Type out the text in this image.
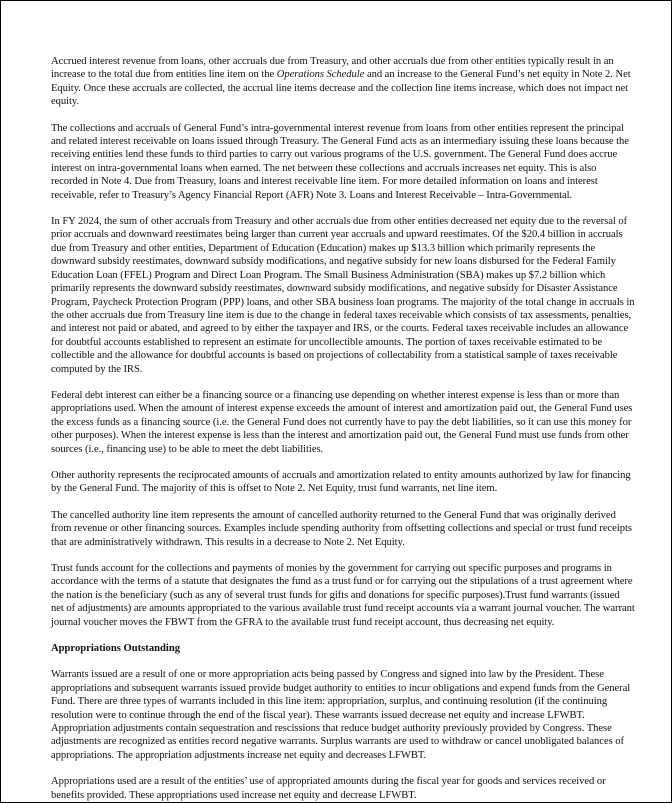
Accrued interest revenue from loans, other accruals due from Treasury, and other accruals due from other entities typically result in an increase to the total due from entities line item on the Operations Schedule and an increase to the General Fund’s net equity in Note 2. Net Equity. Once these accruals are collected, the accrual line items decrease and the collection line items increase, which does not impact net equity.

The collections and accruals of General Fund’s intra-governmental interest revenue from loans from other entities represent the principal and related interest receivable on loans issued through Treasury. The General Fund acts as an intermediary issuing these loans because the receiving entities lend these funds to third parties to carry out various programs of the U.S. government. The General Fund does accrue interest on intra-governmental loans when earned. The net between these collections and accruals increases net equity. This is also recorded in Note 4. Due from Treasury, loans and interest receivable line item. For more detailed information on loans and interest receivable, refer to Treasury’s Agency Financial Report (AFR) Note 3. Loans and Interest Receivable – Intra-Governmental.

In FY 2024, the sum of other accruals from Treasury and other accruals due from other entities decreased net equity due to the reversal of prior accruals and downward reestimates being larger than current year accruals and upward reestimates. Of the $20.4 billion in accruals due from Treasury and other entities, Department of Education (Education) makes up $13.3 billion which primarily represents the downward subsidy reestimates, downward subsidy modifications, and negative subsidy for new loans disbursed for the Federal Family Education Loan (FFEL) Program and Direct Loan Program. The Small Business Administration (SBA) makes up $7.2 billion which primarily represents the downward subsidy reestimates, downward subsidy modifications, and negative subsidy for Disaster Assistance Program, Paycheck Protection Program (PPP) loans, and other SBA business loan programs. The majority of the total change in accruals in the other accruals due from Treasury line item is due to the change in federal taxes receivable which consists of tax assessments, penalties, and interest not paid or abated, and agreed to by either the taxpayer and IRS, or the courts. Federal taxes receivable includes an allowance for doubtful accounts established to represent an estimate for uncollectible amounts. The portion of taxes receivable estimated to be collectible and the allowance for doubtful accounts is based on projections of collectability from a statistical sample of taxes receivable computed by the IRS.

Federal debt interest can either be a financing source or a financing use depending on whether interest expense is less than or more than appropriations used. When the amount of interest expense exceeds the amount of interest and amortization paid out, the General Fund uses the excess funds as a financing source (i.e. the General Fund does not currently have to pay the debt liabilities, so it can use this money for other purposes). When the interest expense is less than the interest and amortization paid out, the General Fund must use funds from other sources (i.e., financing use) to be able to meet the debt liabilities.

Other authority represents the reciprocated amounts of accruals and amortization related to entity amounts authorized by law for financing by the General Fund. The majority of this is offset to Note 2. Net Equity, trust fund warrants, net line item.

The cancelled authority line item represents the amount of cancelled authority returned to the General Fund that was originally derived from revenue or other financing sources. Examples include spending authority from offsetting collections and special or trust fund receipts that are administratively withdrawn. This results in a decrease to Note 2. Net Equity.

Trust funds account for the collections and payments of monies by the government for carrying out specific purposes and programs in accordance with the terms of a statute that designates the fund as a trust fund or for carrying out the stipulations of a trust agreement where the nation is the beneficiary (such as any of several trust funds for gifts and donations for specific purposes).Trust fund warrants (issued net of adjustments) are amounts appropriated to the various available trust fund receipt accounts via a warrant journal voucher. The warrant journal voucher moves the FBWT from the GFRA to the available trust fund receipt account, thus decreasing net equity.

Appropriations Outstanding

Warrants issued are a result of one or more appropriation acts being passed by Congress and signed into law by the President. These appropriations and subsequent warrants issued provide budget authority to entities to incur obligations and expend funds from the General Fund. There are three types of warrants included in this line item: appropriation, surplus, and continuing resolution (if the continuing resolution were to continue through the end of the fiscal year). These warrants issued decrease net equity and increase LFWBT. Appropriation adjustments contain sequestration and rescissions that reduce budget authority previously provided by Congress. These adjustments are recognized as entities record negative warrants. Surplus warrants are used to withdraw or cancel unobligated balances of appropriations. The appropriation adjustments increase net equity and decreases LFWBT.

Appropriations used are a result of the entities’ use of appropriated amounts during the fiscal year for goods and services received or benefits provided. These appropriations used increase net equity and decrease LFWBT.
